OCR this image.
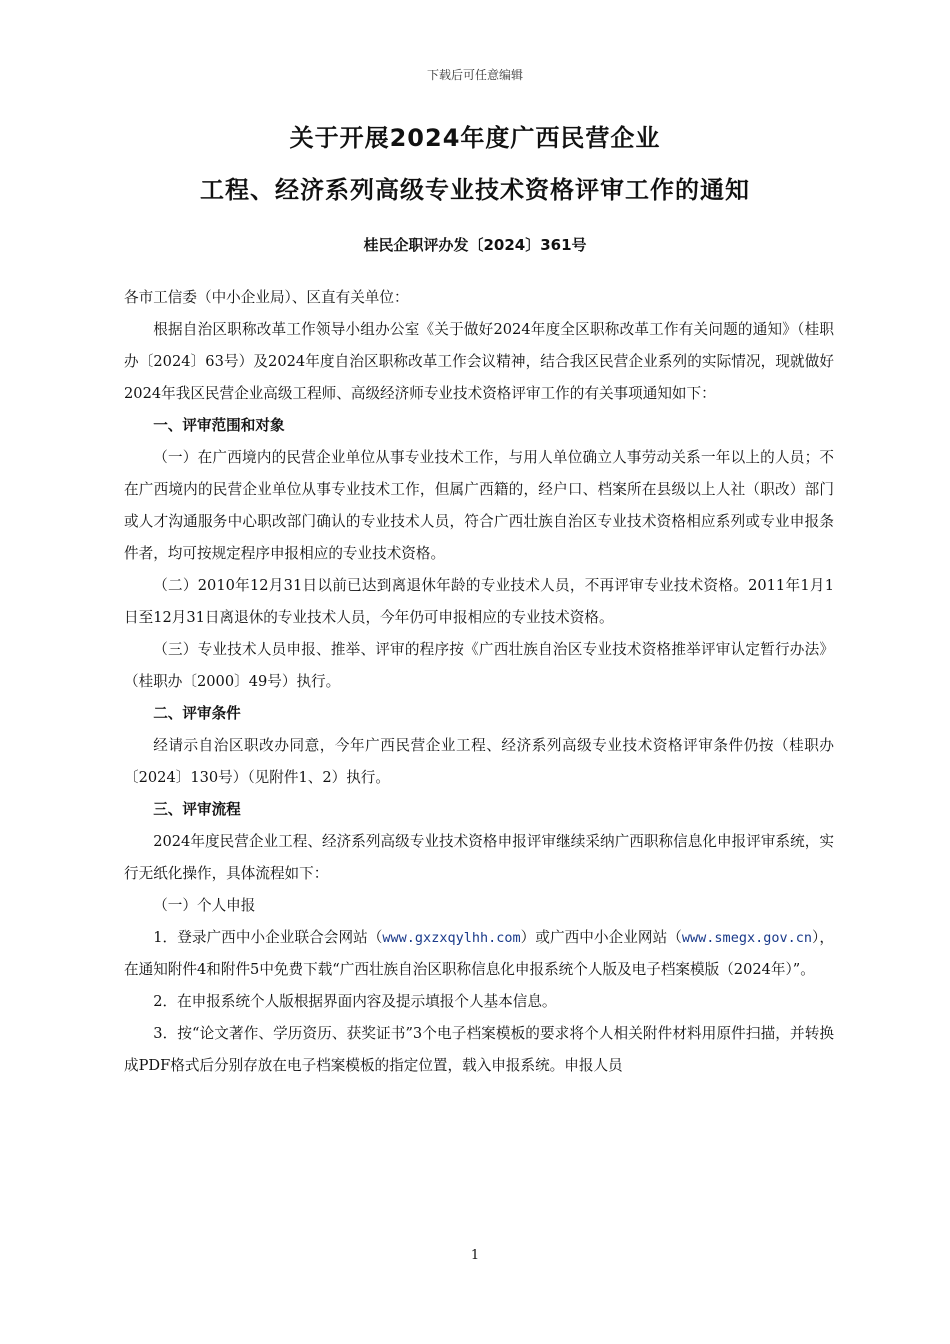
下载后可任意编辑
关于开展2024年度广西民营企业
工程、经济系列高级专业技术资格评审工作的通知
桂民企职评办发〔2024〕361号

各市工信委（中小企业局）、区直有关单位：

根据自治区职称改革工作领导小组办公室《关于做好2024年度全区职称改革工作有关问题的通知》（桂职办〔2024〕63号）及2024年度自治区职称改革工作会议精神，结合我区民营企业系列的实际情况，现就做好2024年我区民营企业高级工程师、高级经济师专业技术资格评审工作的有关事项通知如下：

一、评审范围和对象

（一）在广西境内的民营企业单位从事专业技术工作，与用人单位确立人事劳动关系一年以上的人员；不在广西境内的民营企业单位从事专业技术工作，但属广西籍的，经户口、档案所在县级以上人社（职改）部门或人才沟通服务中心职改部门确认的专业技术人员，符合广西壮族自治区专业技术资格相应系列或专业申报条件者，均可按规定程序申报相应的专业技术资格。

（二）2010年12月31日以前已达到离退休年龄的专业技术人员，不再评审专业技术资格。2011年1月1日至12月31日离退休的专业技术人员，今年仍可申报相应的专业技术资格。

（三）专业技术人员申报、推举、评审的程序按《广西壮族自治区专业技术资格推举评审认定暂行办法》（桂职办〔2000〕49号）执行。

二、评审条件

经请示自治区职改办同意，今年广西民营企业工程、经济系列高级专业技术资格评审条件仍按（桂职办〔2024〕130号）（见附件1、2）执行。

三、评审流程

2024年度民营企业工程、经济系列高级专业技术资格申报评审继续采纳广西职称信息化申报评审系统，实行无纸化操作，具体流程如下：

（一）个人申报

1．登录广西中小企业联合会网站（www.gxzxqylhh.com）或广西中小企业网站（www.smegx.gov.cn），在通知附件4和附件5中免费下载“广西壮族自治区职称信息化申报系统个人版及电子档案模版（2024年）”。

2．在申报系统个人版根据界面内容及提示填报个人基本信息。

3．按“论文著作、学历资历、获奖证书”3个电子档案模板的要求将个人相关附件材料用原件扫描，并转换成PDF格式后分别存放在电子档案模板的指定位置，载入申报系统。申报人员

1
